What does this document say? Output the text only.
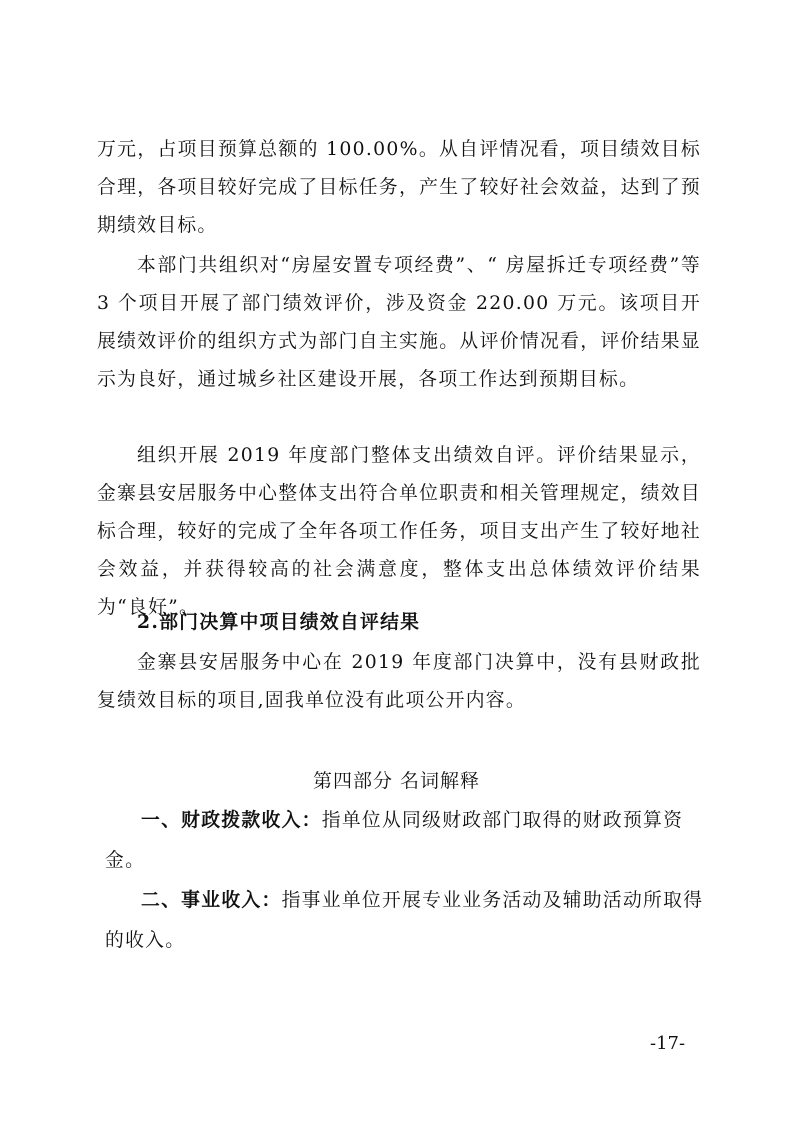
万元，占项目预算总额的 100.00%。从自评情况看，项目绩效目标合理，各项目较好完成了目标任务，产生了较好社会效益，达到了预期绩效目标。

本部门共组织对“房屋安置专项经费”、“ 房屋拆迁专项经费”等 3 个项目开展了部门绩效评价，涉及资金 220.00 万元。该项目开展绩效评价的组织方式为部门自主实施。从评价情况看，评价结果显示为良好，通过城乡社区建设开展，各项工作达到预期目标。

组织开展 2019 年度部门整体支出绩效自评。评价结果显示，金寨县安居服务中心整体支出符合单位职责和相关管理规定，绩效目标合理，较好的完成了全年各项工作任务，项目支出产生了较好地社会效益，并获得较高的社会满意度，整体支出总体绩效评价结果为“良好”。

2.部门决算中项目绩效自评结果

金寨县安居服务中心在 2019 年度部门决算中，没有县财政批复绩效目标的项目,固我单位没有此项公开内容。

第四部分 名词解释

一、财政拨款收入：指单位从同级财政部门取得的财政预算资金。

二、事业收入：指事业单位开展专业业务活动及辅助活动所取得的收入。

-17-
